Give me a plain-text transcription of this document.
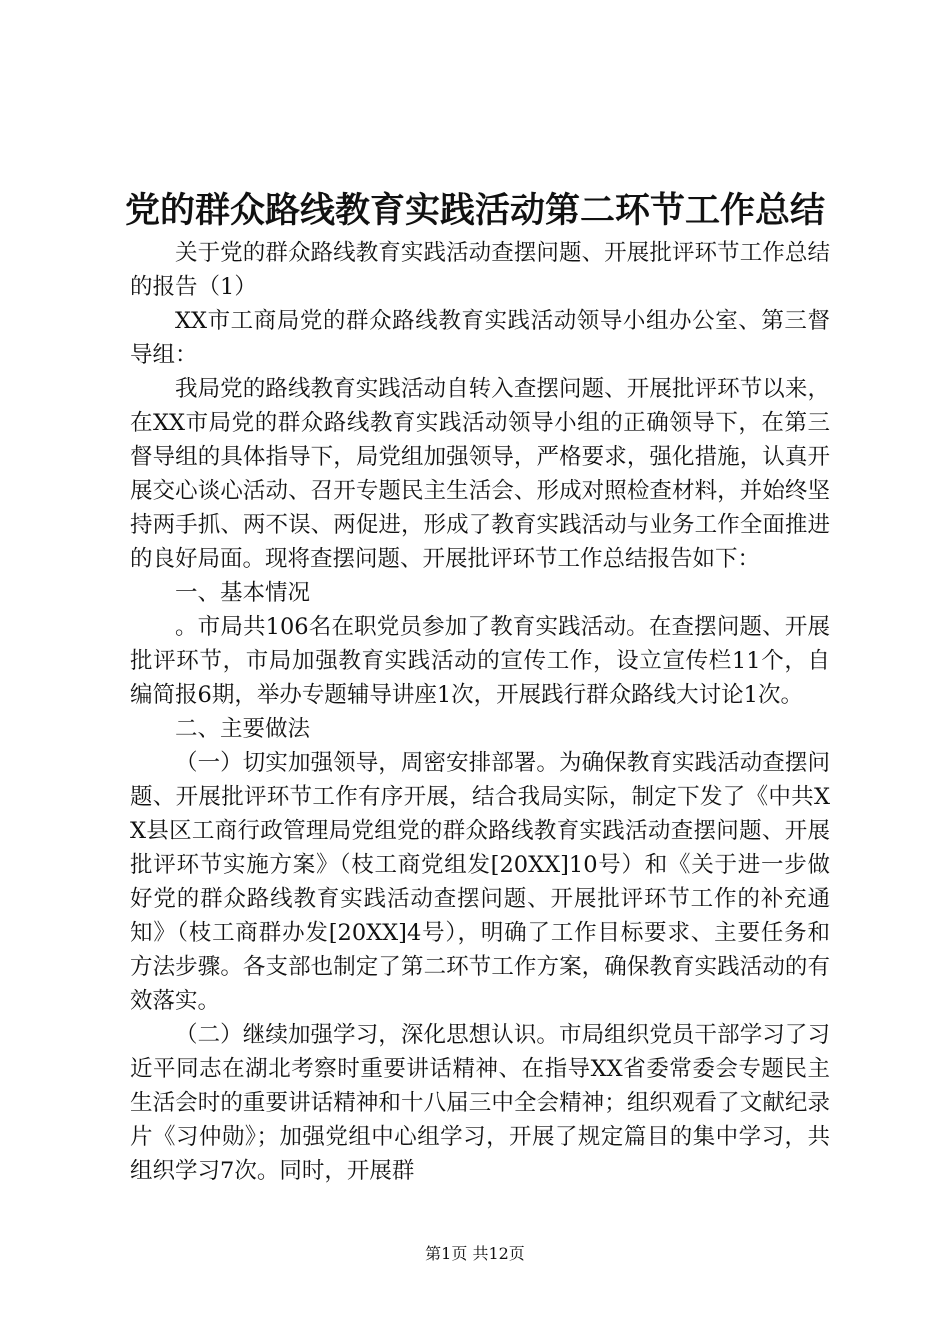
党的群众路线教育实践活动第二环节工作总结

关于党的群众路线教育实践活动查摆问题、开展批评环节工作总结的报告（1）

XX市工商局党的群众路线教育实践活动领导小组办公室、第三督导组：

我局党的路线教育实践活动自转入查摆问题、开展批评环节以来，在XX市局党的群众路线教育实践活动领导小组的正确领导下，在第三督导组的具体指导下，局党组加强领导，严格要求，强化措施，认真开展交心谈心活动、召开专题民主生活会、形成对照检查材料，并始终坚持两手抓、两不误、两促进，形成了教育实践活动与业务工作全面推进的良好局面。现将查摆问题、开展批评环节工作总结报告如下：

一、基本情况

。市局共106名在职党员参加了教育实践活动。在查摆问题、开展批评环节，市局加强教育实践活动的宣传工作，设立宣传栏11个，自编简报6期，举办专题辅导讲座1次，开展践行群众路线大讨论1次。

二、主要做法

（一）切实加强领导，周密安排部署。为确保教育实践活动查摆问题、开展批评环节工作有序开展，结合我局实际，制定下发了《中共XX县区工商行政管理局党组党的群众路线教育实践活动查摆问题、开展批评环节实施方案》（枝工商党组发[20XX]10号）和《关于进一步做好党的群众路线教育实践活动查摆问题、开展批评环节工作的补充通知》（枝工商群办发[20XX]4号），明确了工作目标要求、主要任务和方法步骤。各支部也制定了第二环节工作方案，确保教育实践活动的有效落实。

（二）继续加强学习，深化思想认识。市局组织党员干部学习了习近平同志在湖北考察时重要讲话精神、在指导XX省委常委会专题民主生活会时的重要讲话精神和十八届三中全会精神；组织观看了文献纪录片《习仲勋》；加强党组中心组学习，开展了规定篇目的集中学习，共组织学习7次。同时，开展群

第1页 共12页
